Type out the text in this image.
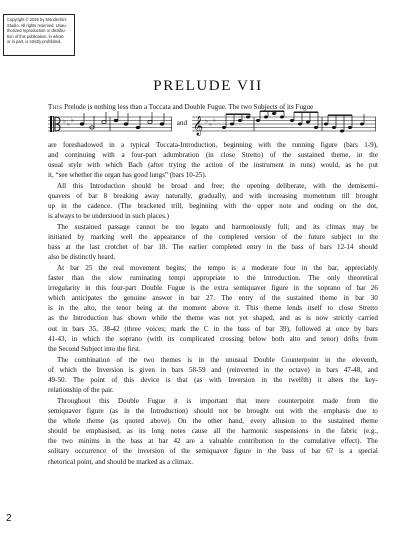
Copyright © 2026 by Mondechini
Studio. All rights reserved. Unau-
thorized reproduction or distribu-
tion of this publication, in whole
or in part, is strictly prohibited.
PRELUDE VII
This Prelude is nothing less than a Toccata and Double Fugue. The two Subjects of its Fugue
♭ ♭
♭	and 𝄞 ♭ ♭
♭

are foreshadowed in a typical Toccata-Introduction, beginning with the running figure (bars 1-9),
and continuing with a four-part adumbration (in close Stretto) of the sustained theme, in the
usual style with which Bach (after trying the action of the instrument in runs) would, as he put
it, “see whether the organ has good lungs” (bars 10-25).

All this Introduction should be broad and free; the opening deliberate, with the demisemi-
quavers of bar 8 breaking away naturally, gradually, and with increasing momentum till brought
up in the cadence. (The bracketed trill, beginning with the upper note and ending on the dot,
is always to be understood in such places.)

The sustained passage cannot be too legato and harmoniously full; and its climax may be
initiated by marking well the appearance of the completed version of the future subject in the
bass at the last crotchet of bar 18. The earlier completed entry in the bass of bars 12-14 should
also be distinctly heard.

At bar 25 the real movement begins; the tempo is a moderate four in the bar, appreciably
faster than the slow ruminating tempi appropriate to the Introduction. The only theoretical
irregularity in this four-part Double Fugue is the extra semiquaver figure in the soprano of bar 26
which anticipates the genuine answer in bar 27. The entry of the sustained theme in bar 30
is in the alto, the tenor being at the moment above it. This theme lends itself to close Stretto
as the Introduction has shown while the theme was not yet shaped, and as is now strictly carried
out in bars 35, 38-42 (three voices; mark the C in the bass of bar 39), followed at once by bars
41-43, in which the soprano (with its complicated crossing below both alto and tenor) drifts from
the Second Subject into the first.

The combination of the two themes is in the unusual Double Counterpoint in the eleventh,
of which the Inversion is given in bars 58-59 and (reinverted in the octave) in bars 47-48, and
49-50. The point of this device is that (as with Inversion in the twelfth) it alters the key-
relationship of the pair.

Throughout this Double Fugue it is important that mere counterpoint made from the
semiquaver figure (as in the Introduction) should not be brought out with the emphasis due to
the whole theme (as quoted above). On the other hand, every allusion to the sustained theme
should be emphasised, as its long notes cause all the harmonic suspensions in the fabric (e.g.,
the two minims in the bass at bar 42 are a valuable contribution to the cumulative effect). The
solitary occurrence of the inversion of the semiquaver figure in the bass of bar 67 is a special
rhetorical point, and should be marked as a climax.

2
